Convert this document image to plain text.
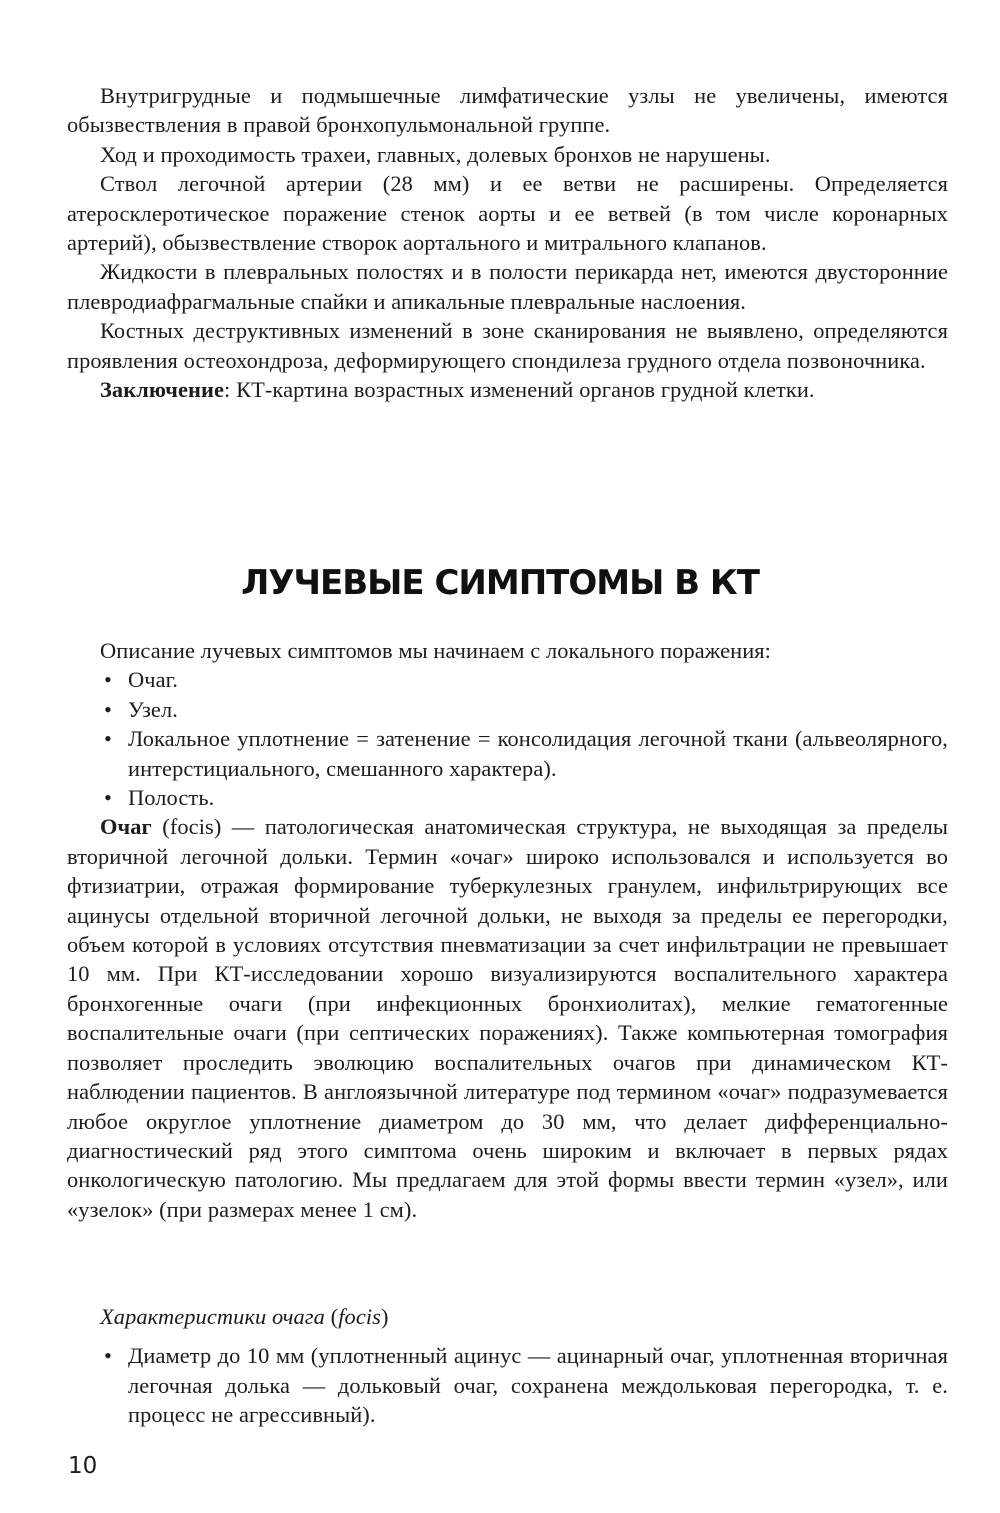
Внутригрудные и подмышечные лимфатические узлы не увеличены, имеются обызвествления в правой бронхопульмональной группе.

Ход и проходимость трахеи, главных, долевых бронхов не нарушены.

Ствол легочной артерии (28 мм) и ее ветви не расширены. Определяется атеросклеротическое поражение стенок аорты и ее ветвей (в том числе коронарных артерий), обызвествление створок аортального и митрального клапанов.

Жидкости в плевральных полостях и в полости перикарда нет, имеются двусторонние плевродиафрагмальные спайки и апикальные плевральные наслоения.

Костных деструктивных изменений в зоне сканирования не выявлено, определяются проявления остеохондроза, деформирующего спондилеза грудного отдела позвоночника.

Заключение: КТ-картина возрастных изменений органов грудной клетки.

ЛУЧЕВЫЕ СИМПТОМЫ В КТ

Описание лучевых симптомов мы начинаем с локального поражения:

• Очаг.
• Узел.
• Локальное уплотнение = затенение = консолидация легочной ткани (альвеолярного, интерстициального, смешанного характера).
• Полость.

Очаг (focis) — патологическая анатомическая структура, не выходящая за пределы вторичной легочной дольки. Термин «очаг» широко использовался и используется во фтизиатрии, отражая формирование туберкулезных гранулем, инфильтрирующих все ацинусы отдельной вторичной легочной дольки, не выходя за пределы ее перегородки, объем которой в условиях отсутствия пневматизации за счет инфильтрации не превышает 10 мм. При КТ-исследовании хорошо визуализируются воспалительного характера бронхогенные очаги (при инфекционных бронхиолитах), мелкие гематогенные воспалительные очаги (при септических поражениях). Также компьютерная томография позволяет проследить эволюцию воспалительных очагов при динамическом КТ-наблюдении пациентов. В англоязычной литературе под термином «очаг» подразумевается любое округлое уплотнение диаметром до 30 мм, что делает дифференциально-диагностический ряд этого симптома очень широким и включает в первых рядах онкологическую патологию. Мы предлагаем для этой формы ввести термин «узел», или «узелок» (при размерах менее 1 см).

Характеристики очага (focis)

• Диаметр до 10 мм (уплотненный ацинус — ацинарный очаг, уплотненная вторичная легочная долька — дольковый очаг, сохранена междольковая перегородка, т. е. процесс не агрессивный).
10
